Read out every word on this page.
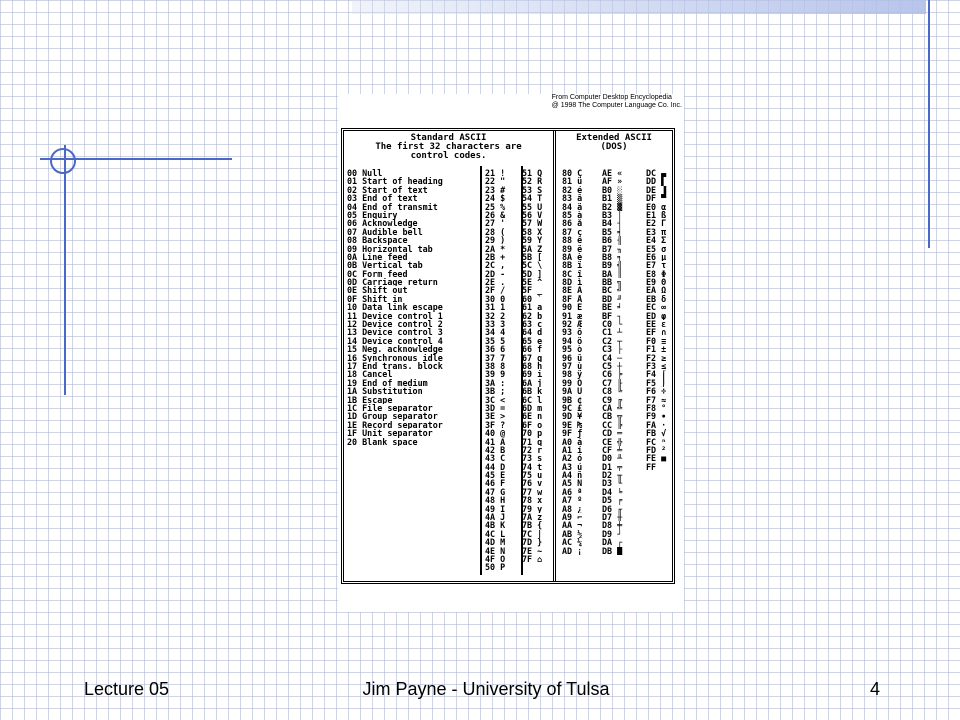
From Computer Desktop Encyclopedia
@ 1998 The Computer Language Co. Inc.
Standard ASCII
The first 32 characters are
control codes.
00 Null
01 Start of heading
02 Start of text
03 End of text
04 End of transmit
05 Enquiry
06 Acknowledge
07 Audible bell
08 Backspace
09 Horizontal tab
0A Line feed
0B Vertical tab
0C Form feed
0D Carriage return
0E Shift out
0F Shift in
10 Data link escape
11 Device control 1
12 Device control 2
13 Device control 3
14 Device control 4
15 Neg. acknowledge
16 Synchronous idle
17 End trans. block
18 Cancel
19 End of medium
1A Substitution
1B Escape
1C File separator
1D Group separator
1E Record separator
1F Unit separator
20 Blank space
21 !
22 "
23 #
24 $
25 %
26 &
27 '
28 (
29 )
2A *
2B +
2C ,
2D -
2E .
2F /
30 0
31 1
32 2
33 3
34 4
35 5
36 6
37 7
38 8
39 9
3A :
3B ;
3C <
3D =
3E >
3F ?
40 @
41 A
42 B
43 C
44 D
45 E
46 F
47 G
48 H
49 I
4A J
4B K
4C L
4D M
4E N
4F O
50 P
51 Q
52 R
53 S
54 T
55 U
56 V
57 W
58 X
59 Y
5A Z
5B [
5C \
5D ]
5E ^
5F _
60 `
61 a
62 b
63 c
64 d
65 e
66 f
67 g
68 h
69 i
6A j
6B k
6C l
6D m
6E n
6F o
70 p
71 q
72 r
73 s
74 t
75 u
76 v
77 w
78 x
79 y
7A z
7B {
7C |
7D }
7E ~
7F ⌂
Extended ASCII
(DOS)
80 Ç
81 ü
82 é
83 â
84 ä
85 à
86 å
87 ç
88 ê
89 ë
8A è
8B ï
8C î
8D ì
8E Ä
8F Å
90 É
91 æ
92 Æ
93 ô
94 ö
95 ò
96 û
97 ù
98 ÿ
99 Ö
9A Ü
9B ¢
9C £
9D ¥
9E ₧
9F ƒ
A0 á
A1 í
A2 ó
A3 ú
A4 ñ
A5 Ñ
A6 ª
A7 º
A8 ¿
A9 ⌐
AA ¬
AB ½
AC ¼
AD ¡
AE «
AF »
B0 ░
B1 ▒
B2 ▓
B3 │
B4 ┤
B5 ╡
B6 ╢
B7 ╖
B8 ╕
B9 ╣
BA ║
BB ╗
BC ╝
BD ╜
BE ╛
BF ┐
C0 └
C1 ┴
C2 ┬
C3 ├
C4 ─
C5 ┼
C6 ╞
C7 ╟
C8 ╚
C9 ╔
CA ╩
CB ╦
CC ╠
CD ═
CE ╬
CF ╧
D0 ╨
D1 ╤
D2 ╥
D3 ╙
D4 ╘
D5 ╒
D6 ╓
D7 ╫
D8 ╪
D9 ┘
DA ┌
DB █
DC ▄
DD ▌
DE ▐
DF ▀
E0 α
E1 ß
E2 Γ
E3 π
E4 Σ
E5 σ
E6 µ
E7 τ
E8 Φ
E9 Θ
EA Ω
EB δ
EC ∞
ED φ
EE ε
EF ∩
F0 ≡
F1 ±
F2 ≥
F3 ≤
F4 ⌠
F5 ⌡
F6 ÷
F7 ≈
F8 °
F9 ∙
FA ·
FB √
FC ⁿ
FD ²
FE ■
FF
Lecture 05	Jim Payne - University of Tulsa	4
